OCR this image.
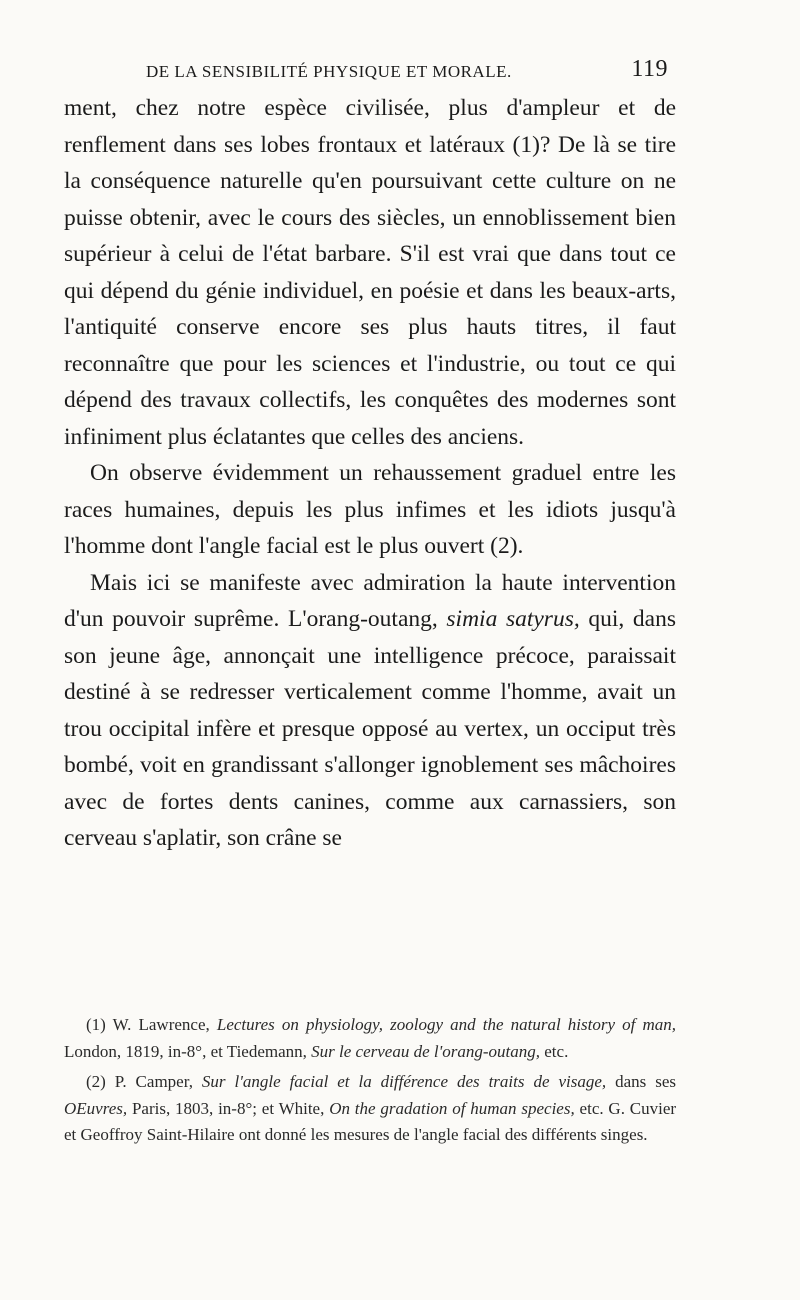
DE LA SENSIBILITÉ PHYSIQUE ET MORALE.	119

ment, chez notre espèce civilisée, plus d'ampleur et de renflement dans ses lobes frontaux et latéraux (1)? De là se tire la conséquence naturelle qu'en poursuivant cette culture on ne puisse obtenir, avec le cours des siècles, un ennoblissement bien supérieur à celui de l'état barbare. S'il est vrai que dans tout ce qui dépend du génie individuel, en poésie et dans les beaux-arts, l'antiquité conserve encore ses plus hauts titres, il faut reconnaître que pour les sciences et l'industrie, ou tout ce qui dépend des travaux collectifs, les conquêtes des modernes sont infiniment plus éclatantes que celles des anciens.

On observe évidemment un rehaussement graduel entre les races humaines, depuis les plus infimes et les idiots jusqu'à l'homme dont l'angle facial est le plus ouvert (2).

Mais ici se manifeste avec admiration la haute intervention d'un pouvoir suprême. L'orang-outang, simia satyrus, qui, dans son jeune âge, annonçait une intelligence précoce, paraissait destiné à se redresser verticalement comme l'homme, avait un trou occipital infère et presque opposé au vertex, un occiput très bombé, voit en grandissant s'allonger ignoblement ses mâchoires avec de fortes dents canines, comme aux carnassiers, son cerveau s'aplatir, son crâne se

(1) W. Lawrence, Lectures on physiology, zoology and the natural history of man, London, 1819, in-8°, et Tiedemann, Sur le cerveau de l'orang-outang, etc.

(2) P. Camper, Sur l'angle facial et la différence des traits de visage, dans ses OEuvres, Paris, 1803, in-8°; et White, On the gradation of human species, etc. G. Cuvier et Geoffroy Saint-Hilaire ont donné les mesures de l'angle facial des différents singes.
